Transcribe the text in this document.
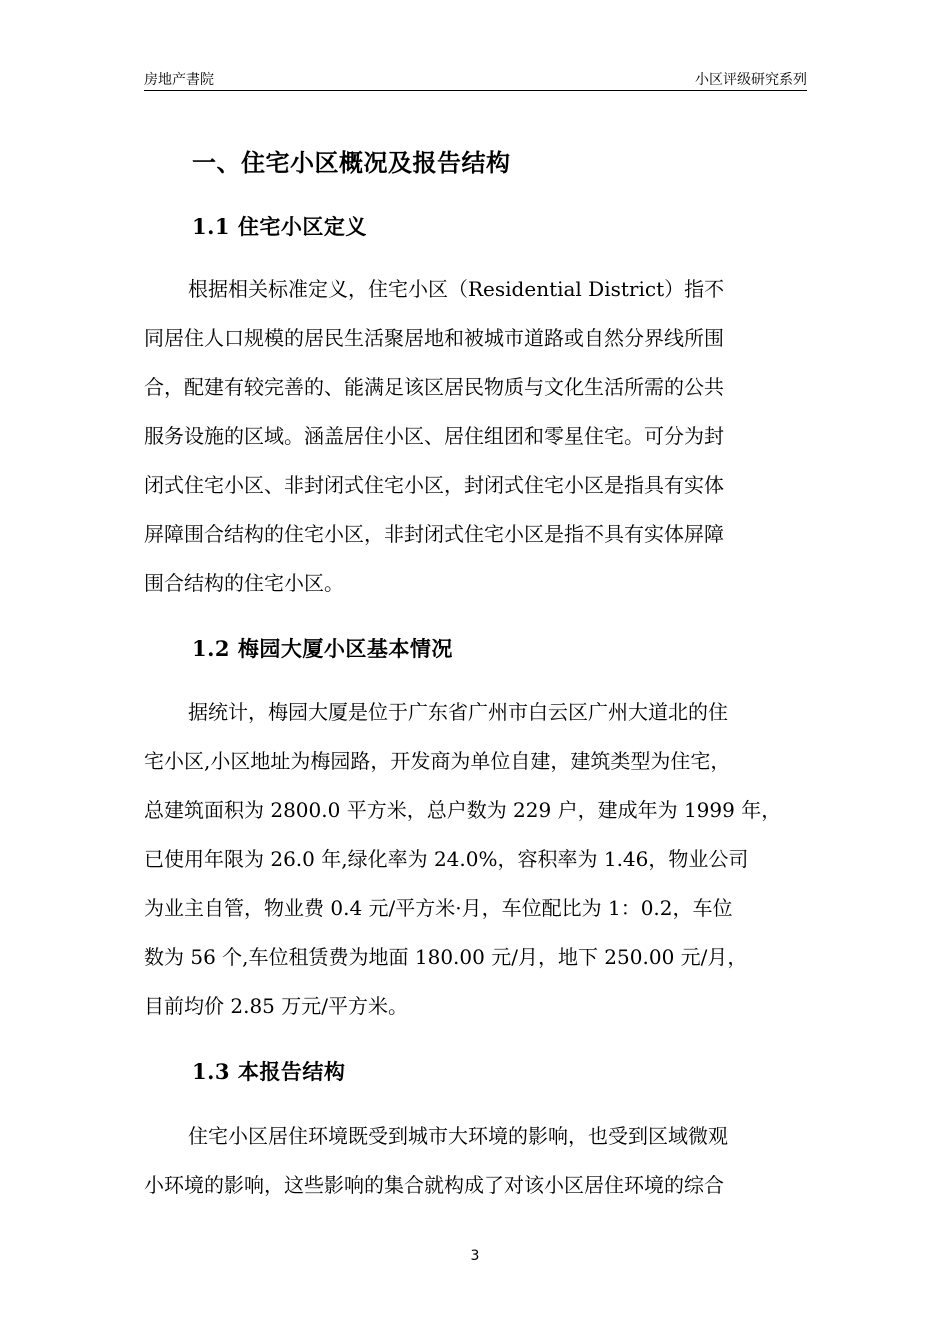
房地产書院	小区评级研究系列
一、住宅小区概况及报告结构
1.1 住宅小区定义
根据相关标准定义，住宅小区（Residential District）指不
同居住人口规模的居民生活聚居地和被城市道路或自然分界线所围
合，配建有较完善的、能满足该区居民物质与文化生活所需的公共
服务设施的区域。涵盖居住小区、居住组团和零星住宅。可分为封
闭式住宅小区、非封闭式住宅小区，封闭式住宅小区是指具有实体
屏障围合结构的住宅小区，非封闭式住宅小区是指不具有实体屏障
围合结构的住宅小区。
1.2 梅园大厦小区基本情况
据统计，梅园大厦是位于广东省广州市白云区广州大道北的住
宅小区,小区地址为梅园路，开发商为单位自建，建筑类型为住宅，
总建筑面积为 2800.0 平方米，总户数为 229 户，建成年为 1999 年，
已使用年限为 26.0 年,绿化率为 24.0%，容积率为 1.46，物业公司
为业主自管，物业费 0.4 元/平方米·月，车位配比为 1：0.2，车位
数为 56 个,车位租赁费为地面 180.00 元/月，地下 250.00 元/月，
目前均价 2.85 万元/平方米。
1.3 本报告结构
住宅小区居住环境既受到城市大环境的影响，也受到区域微观
小环境的影响，这些影响的集合就构成了对该小区居住环境的综合
3
